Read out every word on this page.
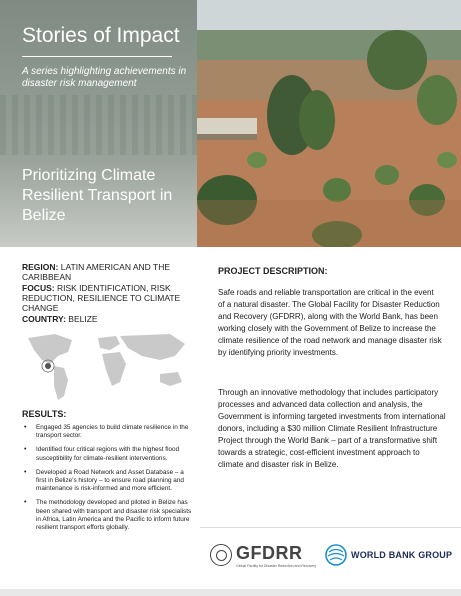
Stories of Impact
A series highlighting achievements in disaster risk management
Prioritizing Climate Resilient Transport in Belize
REGION: LATIN AMERICAN AND THE CARIBBEAN
FOCUS: RISK IDENTIFICATION, RISK REDUCTION, RESILIENCE TO CLIMATE CHANGE
COUNTRY: BELIZE
RESULTS:
• Engaged 35 agencies to build climate resilience in the transport sector.
• Identified four critical regions with the highest flood susceptibility for climate-resilient interventions.
• Developed a Road Network and Asset Database – a first in Belize's history – to ensure road planning and maintenance is risk-informed and more efficient.
• The methodology developed and piloted in Belize has been shared with transport and disaster risk specialists in Africa, Latin America and the Pacific to inform future resilient transport efforts globally.
PROJECT DESCRIPTION:

Safe roads and reliable transportation are critical in the event of a natural disaster. The Global Facility for Disaster Reduction and Recovery (GFDRR), along with the World Bank, has been working closely with the Government of Belize to increase the climate resilience of the road network and manage disaster risk by identifying priority investments.

Through an innovative methodology that includes participatory processes and advanced data collection and analysis, the Government is informing targeted investments from international donors, including a $30 million Climate Resilient Infrastructure Project through the World Bank – part of a transformative shift towards a strategic, cost-efficient investment approach to climate and disaster risk in Belize.

GFDRR
Global Facility for Disaster Reduction and Recovery
WORLD BANK GROUP
